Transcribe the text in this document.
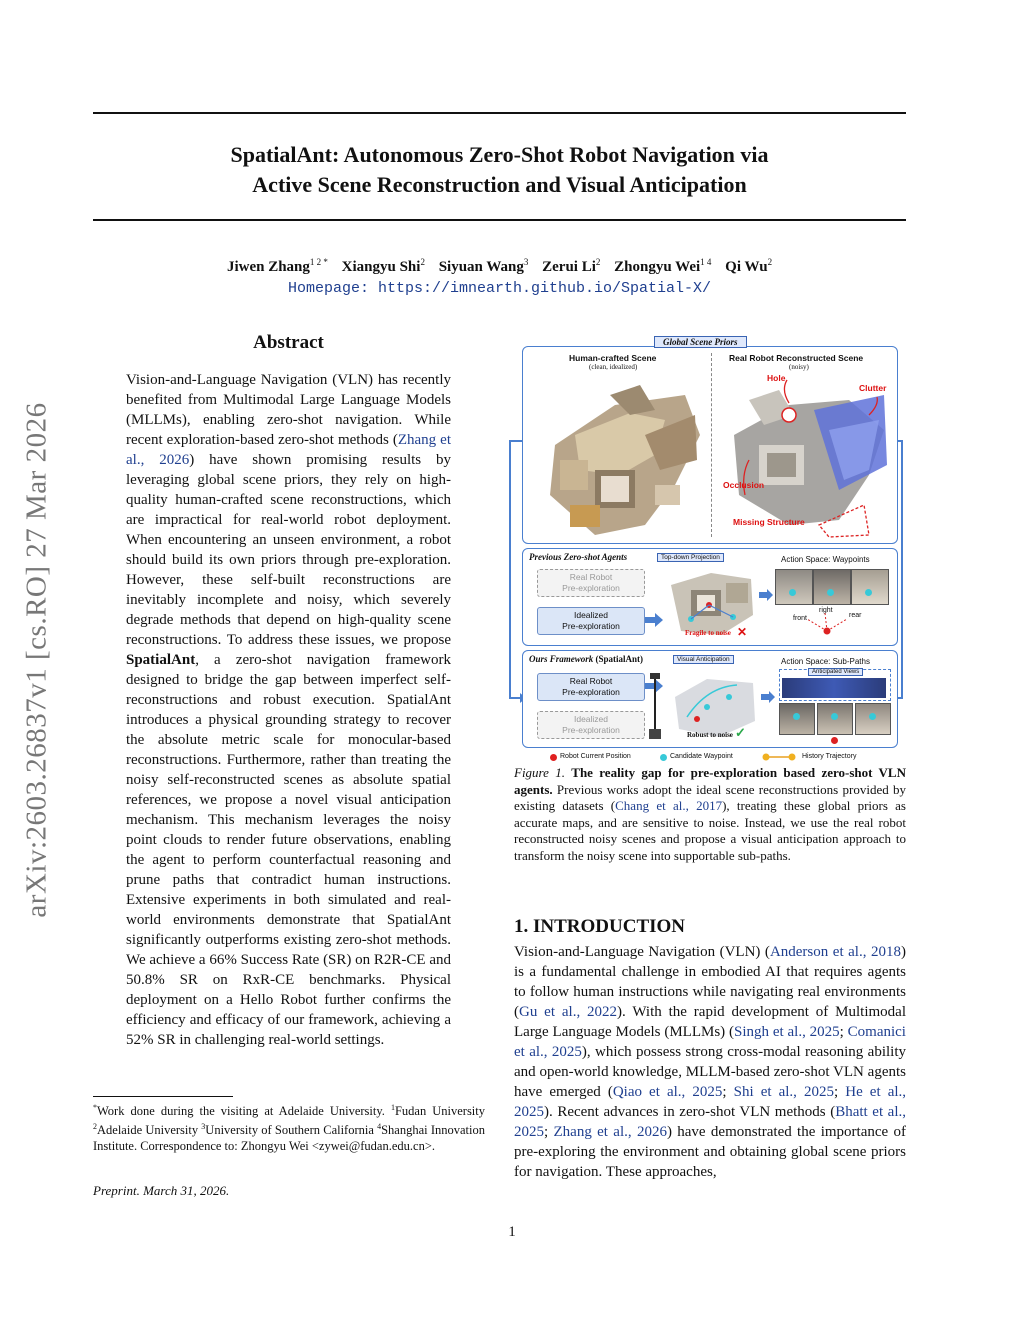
arXiv:2603.26837v1 [cs.RO] 27 Mar 2026
SpatialAnt: Autonomous Zero-Shot Robot Navigation via
Active Scene Reconstruction and Visual Anticipation
Jiwen Zhang$^{1 2 *}$ Xiangyu Shi$^2$ Siyuan Wang$^3$ Zerui Li$^2$ Zhongyu Wei$^{1 4}$ Qi Wu$^2$
Homepage: https://imnearth.github.io/Spatial-X/
Abstract
Vision-and-Language Navigation (VLN) has recently benefited from Multimodal Large Language Models (MLLMs), enabling zero-shot navigation. While recent exploration-based zero-shot methods (Zhang et al., 2026) have shown promising results by leveraging global scene priors, they rely on high-quality human-crafted scene reconstructions, which are impractical for real-world robot deployment. When encountering an unseen environment, a robot should build its own priors through pre-exploration. However, these self-built reconstructions are inevitably incomplete and noisy, which severely degrade methods that depend on high-quality scene reconstructions. To address these issues, we propose SpatialAnt, a zero-shot navigation framework designed to bridge the gap between imperfect self-reconstructions and robust execution. SpatialAnt introduces a physical grounding strategy to recover the absolute metric scale for monocular-based reconstructions. Furthermore, rather than treating the noisy self-reconstructed scenes as absolute spatial references, we propose a novel visual anticipation mechanism. This mechanism leverages the noisy point clouds to render future observations, enabling the agent to perform counterfactual reasoning and prune paths that contradict human instructions. Extensive experiments in both simulated and real-world environments demonstrate that SpatialAnt significantly outperforms existing zero-shot methods. We achieve a 66% Success Rate (SR) on R2R-CE and 50.8% SR on RxR-CE benchmarks. Physical deployment on a Hello Robot further confirms the efficiency and efficacy of our framework, achieving a 52% SR in challenging real-world settings.
*Work done during the visiting at Adelaide University. $^1$Fudan University $^2$Adelaide University $^3$University of Southern California $^4$Shanghai Innovation Institute. Correspondence to: Zhongyu Wei <zywei@fudan.edu.cn>.
Preprint. March 31, 2026.
Human-crafted Scene
(clean, idealized)
Real Robot Reconstructed Scene
(noisy)
Hole
Clutter
Occlusion
Missing Structure
Global Scene Priors
Previous Zero-shot Agents
Real Robot
Pre-exploration
Idealized
Pre-exploration
Top-down Projection
Fragile to noise ✕
Action Space: Waypoints
right
front	rear
Ours Framework (SpatialAnt)
Real Robot
Pre-exploration
Idealized
Pre-exploration
Visual Anticipation
Robust to noise ✓
Action Space: Sub-Paths
Anticipated Views
Robot Current Position	Candidate Waypoint	History Trajectory
Figure 1. The reality gap for pre-exploration based zero-shot VLN agents. Previous works adopt the ideal scene reconstructions provided by existing datasets (Chang et al., 2017), treating these global priors as accurate maps, and are sensitive to noise. Instead, we use the real robot reconstructed noisy scenes and propose a visual anticipation approach to transform the noisy scene into supportable sub-paths.
1. INTRODUCTION
Vision-and-Language Navigation (VLN) (Anderson et al., 2018) is a fundamental challenge in embodied AI that requires agents to follow human instructions while navigating real environments (Gu et al., 2022). With the rapid development of Multimodal Large Language Models (MLLMs) (Singh et al., 2025; Comanici et al., 2025), which possess strong cross-modal reasoning ability and open-world knowledge, MLLM-based zero-shot VLN agents have emerged (Qiao et al., 2025; Shi et al., 2025; He et al., 2025). Recent advances in zero-shot VLN methods (Bhatt et al., 2025; Zhang et al., 2026) have demonstrated the importance of pre-exploring the environment and obtaining global scene priors for navigation. These approaches,
1
